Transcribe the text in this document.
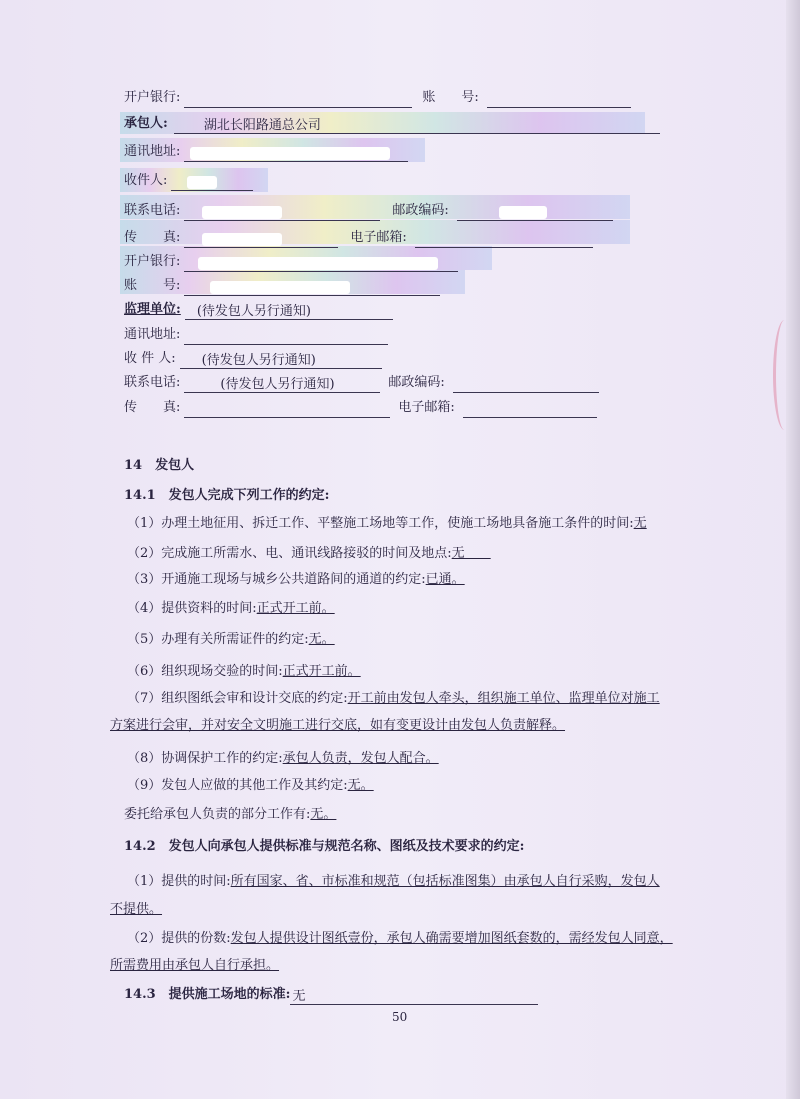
开户银行:	账　　号:
承包人:	湖北长阳路通总公司
通讯地址:
收件人:
联系电话:	邮政编码:
传　　真:	电子邮箱:
开户银行:
账　　号:
监理单位: (待发包人另行通知)
通讯地址:
收 件 人: (待发包人另行通知)
联系电话:	(待发包人另行通知)	邮政编码:
传　　真:	电子邮箱:
14　发包人
14.1　发包人完成下列工作的约定:
（1）办理土地征用、拆迁工作、平整施工场地等工作，使施工场地具备施工条件的时间:无
（2）完成施工所需水、电、通讯线路接驳的时间及地点:无　　
（3）开通施工现场与城乡公共道路间的通道的约定:已通。
（4）提供资料的时间:正式开工前。
（5）办理有关所需证件的约定:无。
（6）组织现场交验的时间:正式开工前。
（7）组织图纸会审和设计交底的约定:开工前由发包人牵头，组织施工单位、监理单位对施工
方案进行会审，并对安全文明施工进行交底，如有变更设计由发包人负责解释。
（8）协调保护工作的约定:承包人负责，发包人配合。
（9）发包人应做的其他工作及其约定:无。
委托给承包人负责的部分工作有:无。
14.2　发包人向承包人提供标准与规范名称、图纸及技术要求的约定:
（1）提供的时间:所有国家、省、市标准和规范（包括标准图集）由承包人自行采购，发包人
不提供。
（2）提供的份数:发包人提供设计图纸壹份，承包人确需要增加图纸套数的，需经发包人同意，
所需费用由承包人自行承担。
14.3　提供施工场地的标准: 无
50
